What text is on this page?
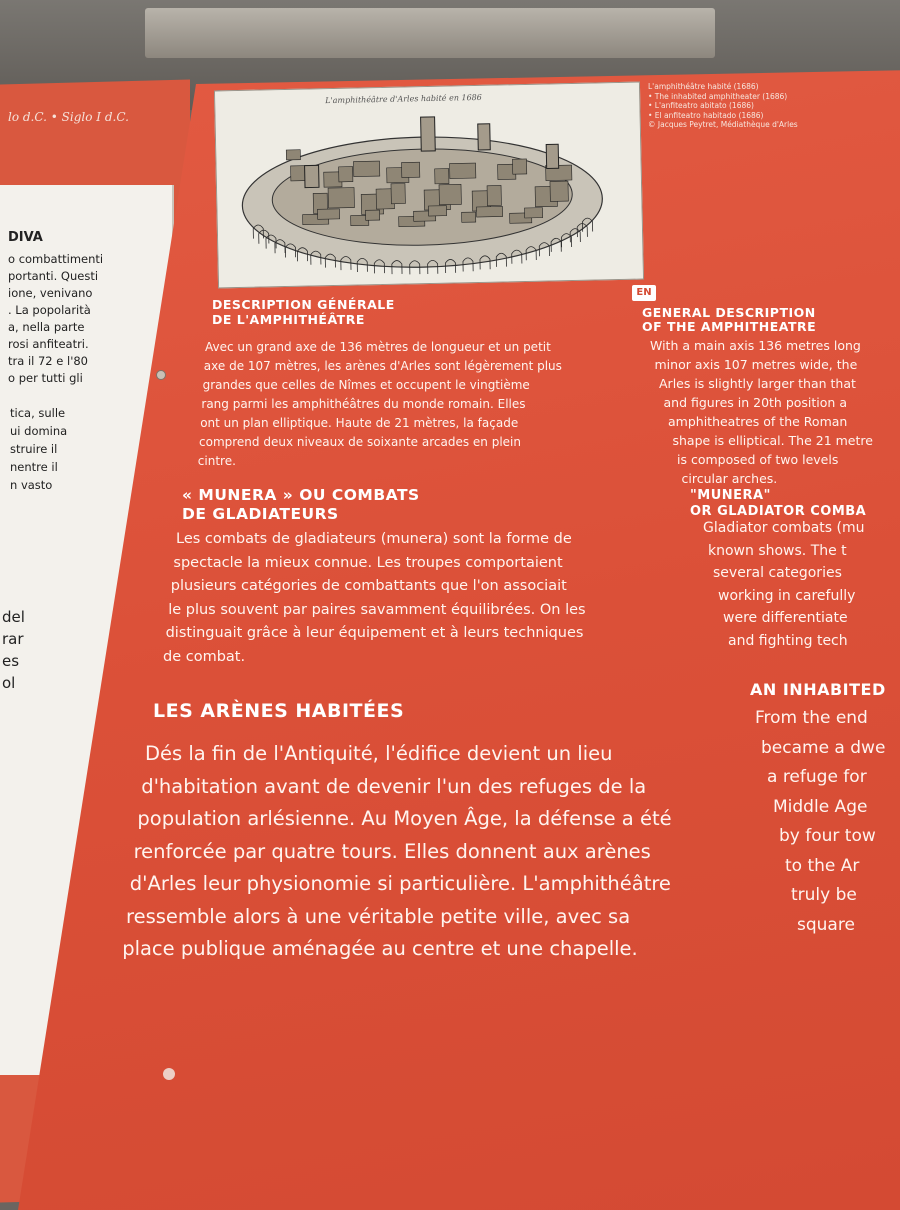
lo d.C. • Siglo I d.C.
DIVA
o combattimenti
portanti. Questi
ione, venivano
. La popolarità
a, nella parte
rosi anfiteatri.
tra il 72 e l'80
o per tutti gli
tica, sulle
ui domina
struire il
nentre il
n vasto
del
rar
es
ol
L'amphithéâtre d'Arles habité en 1686
L'amphithéâtre habité (1686)
• The inhabited amphitheater (1686)
• L'anfiteatro abitato (1686)
• El anfiteatro habitado (1686)
© Jacques Peytret, Médiathèque d'Arles
DESCRIPTION GÉNÉRALE
DE L'AMPHITHÉÂTRE
Avec un grand axe de 136 mètres de longueur et un petit
axe de 107 mètres, les arènes d'Arles sont légèrement plus
grandes que celles de Nîmes et occupent le vingtième
rang parmi les amphithéâtres du monde romain. Elles
ont un plan elliptique. Haute de 21 mètres, la façade
comprend deux niveaux de soixante arcades en plein
cintre.
« MUNERA » OU COMBATS
DE GLADIATEURS
Les combats de gladiateurs (munera) sont la forme de
spectacle la mieux connue. Les troupes comportaient
plusieurs catégories de combattants que l'on associait
le plus souvent par paires savamment équilibrées. On les
distinguait grâce à leur équipement et à leurs techniques
de combat.
LES ARÈNES HABITÉES
Dés la fin de l'Antiquité, l'édifice devient un lieu
d'habitation avant de devenir l'un des refuges de la
population arlésienne. Au Moyen Âge, la défense a été
renforcée par quatre tours. Elles donnent aux arènes
d'Arles leur physionomie si particulière. L'amphithéâtre
ressemble alors à une véritable petite ville, avec sa
place publique aménagée au centre et une chapelle.
EN
GENERAL DESCRIPTION
OF THE AMPHITHEATRE
With a main axis 136 metres long
minor axis 107 metres wide, the
Arles is slightly larger than that
and figures in 20th position a
amphitheatres of the Roman
shape is elliptical. The 21 metre
is composed of two levels
circular arches.
"MUNERA"
OR GLADIATOR COMBA
Gladiator combats (mu
known shows. The t
several categories
working in carefully
were differentiate
and fighting tech
AN INHABITED
From the end
became a dwe
a refuge for
Middle Age
by four tow
to the Ar
truly be
square
